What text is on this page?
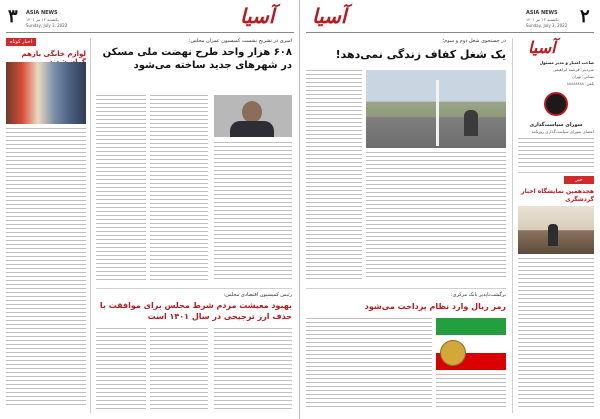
۳ ASIA NEWS
یکشنبه ۱۲ تیر ۱۴۰۱
Sunday, July 3, 2022	آسیا
اخبار کوتاه
لوازم خانگی بازهم
امیری در تشریح نشست کمیسیون عمران مجلس:
۶۰۸ هزار واحد طرح نهضت ملی مسکن در شهرهای جدید ساخته می‌شود
رئیس کمیسیون اقتصادی مجلس:
بهبود معیشت مردم شرط مجلس برای موافقت با حذف ارز ترجیحی در سال ۱۴۰۱ است
آسیا	ASIA NEWS
یکشنبه ۱۲ تیر ۱۴۰۱
Sunday, July 3, 2022 ۲
در جستجوی شغل دوم و سوم؛
یک شغل کفاف زندگی نمی‌دهد!
برگشت‌ناپذیر بانک مرکزی:
رمز ریال وارد نظام پرداخت می‌شود
آسیا
صاحب امتیاز و مدیر مسئول
سردبیر: فرشته ابراهیمی
نشانی: تهران
تلفن: ۸۸۸۸۸۸۸۸
شورای سیاست‌گذاری
اعضای شورای سیاست‌گذاری روزنامه
خبر
هجدهمین نمایشگاه اخبار گردشگری
